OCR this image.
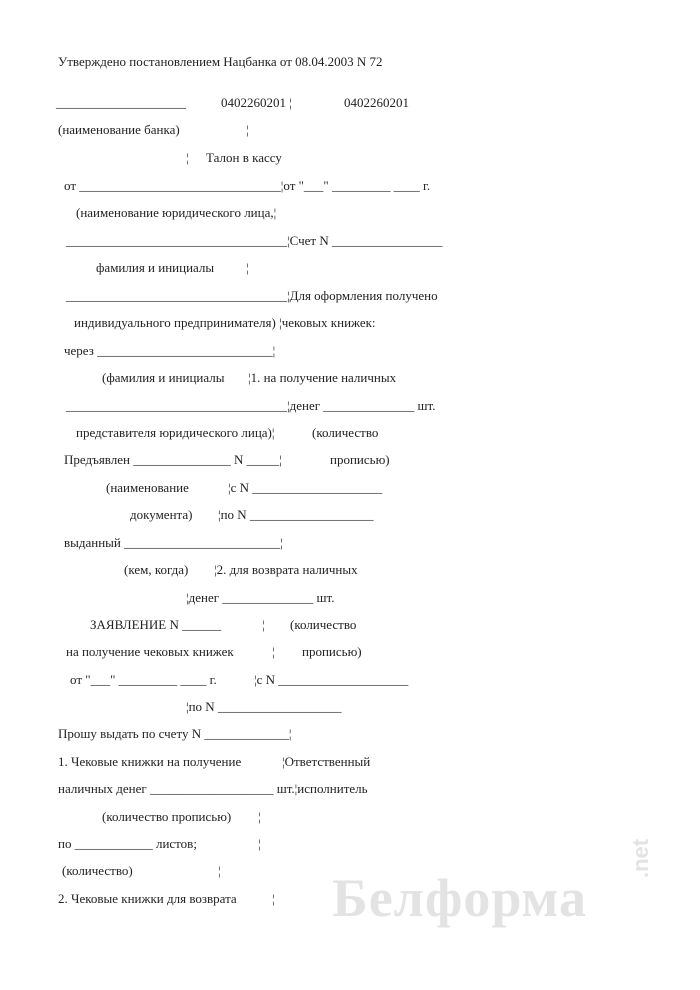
Утверждено постановлением Нацбанка от 08.04.2003 N 72
____________________	0402260201 ¦	0402260201
(наименование банка)	¦
¦ Талон в кассу
от _______________________________¦от "___" _________ ____ г.
(наименование юридического лица,¦
__________________________________¦Счет N _________________
фамилия и инициалы ¦
__________________________________¦Для оформления получено
индивидуального предпринимателя) ¦чековых книжек:
через ___________________________¦
(фамилия и инициалы ¦1. на получение наличных
__________________________________¦денег ______________ шт.
представителя юридического лица)¦	(количество
Предъявлен _______________ N _____¦	прописью)
(наименование	¦с N ____________________
документа) ¦по N ___________________
выданный ________________________¦
(кем, когда) ¦2. для возврата наличных
¦денег ______________ шт.
ЗАЯВЛЕНИЕ N ______	¦ (количество
на получение чековых книжек	¦ прописью)
от "___" _________ ____ г.	¦с N ____________________
¦по N ___________________
Прошу выдать по счету N _____________¦
1. Чековые книжки на получение	¦Ответственный
наличных денег ___________________ шт.¦исполнитель
(количество прописью) ¦
по ____________ листов;	¦
(количество)	¦
2. Чековые книжки для возврата	¦ Белформа
.net
